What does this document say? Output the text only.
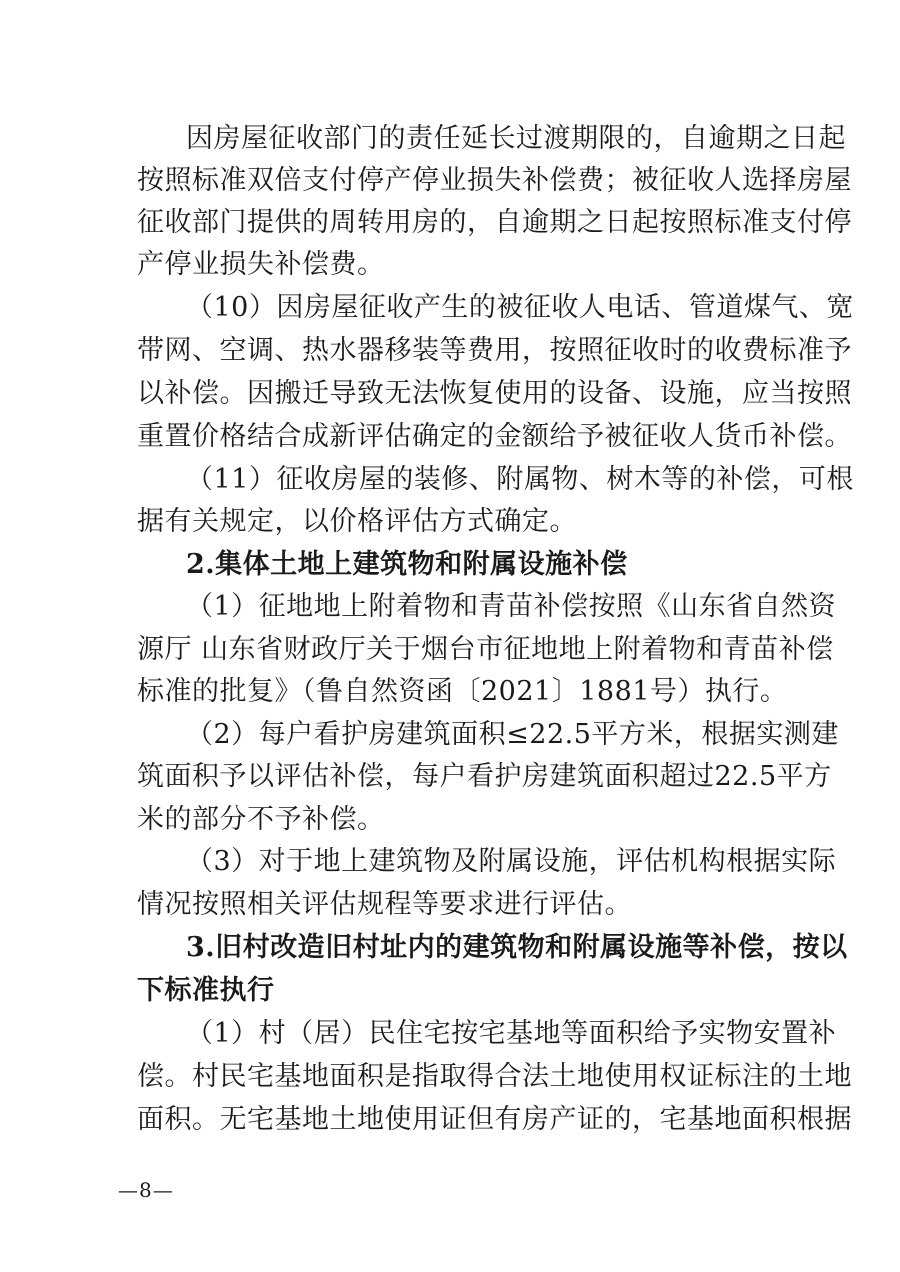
因房屋征收部门的责任延长过渡期限的，自逾期之日起
按照标准双倍支付停产停业损失补偿费；被征收人选择房屋
征收部门提供的周转用房的，自逾期之日起按照标准支付停
产停业损失补偿费。
（10）因房屋征收产生的被征收人电话、管道煤气、宽
带网、空调、热水器移装等费用，按照征收时的收费标准予
以补偿。因搬迁导致无法恢复使用的设备、设施，应当按照
重置价格结合成新评估确定的金额给予被征收人货币补偿。
（11）征收房屋的装修、附属物、树木等的补偿，可根
据有关规定，以价格评估方式确定。
2.集体土地上建筑物和附属设施补偿
（1）征地地上附着物和青苗补偿按照《山东省自然资
源厅 山东省财政厅关于烟台市征地地上附着物和青苗补偿
标准的批复》（鲁自然资函〔2021〕1881号）执行。
（2）每户看护房建筑面积≤22.5平方米，根据实测建
筑面积予以评估补偿，每户看护房建筑面积超过22.5平方
米的部分不予补偿。
（3）对于地上建筑物及附属设施，评估机构根据实际
情况按照相关评估规程等要求进行评估。
3.旧村改造旧村址内的建筑物和附属设施等补偿，按以
下标准执行
（1）村（居）民住宅按宅基地等面积给予实物安置补
偿。村民宅基地面积是指取得合法土地使用权证标注的土地
面积。无宅基地土地使用证但有房产证的，宅基地面积根据
—8—
